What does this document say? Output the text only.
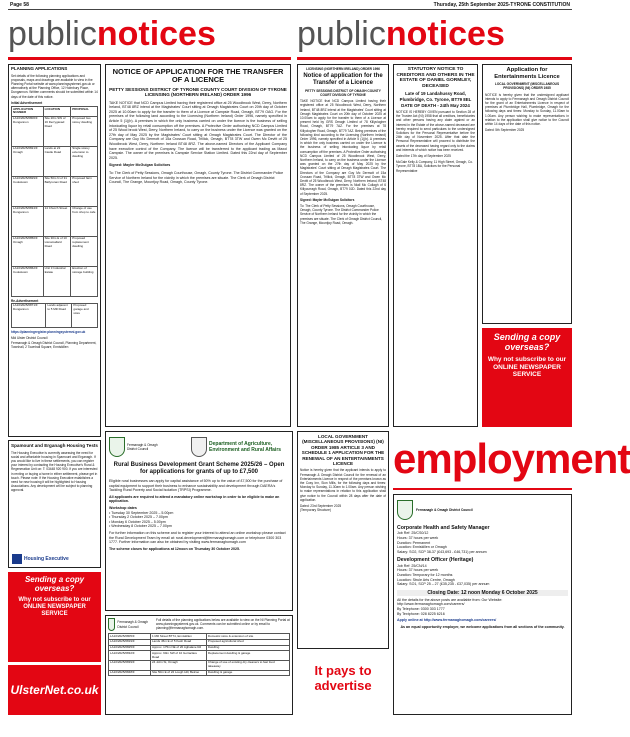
Page 58	Thursday, 25th September 2025-TYRONE CONSTITUTION
publicnotices publicnotices
PLANNING APPLICATIONS
Set details of the following planning applications and proposals, maps and drawings are available to view in the Planning Portal website at www.planningsystemni.gov.uk or alternatively at the Planning Office, 12 Holmbury Place, Dungannon. Written comments should be submitted within 14 days of the date of this notice.
Initial Advertisement
APPLICATION NUMBER	LOCATION	PROPOSAL
LA10/2025/0806/F Dungannon	Site 20m SW of 16 Derrygavad Road	Proposed two storey dwelling
LA10/2025/0821/F Omagh	Lands at 22 Castle Road	Single storey extension to dwelling
LA10/2025/0829/F Cookstown	Site 50m N of 31 Ballyronan Road	Proposed farm shed
LA10/2025/0834/F Dungannon	14 Church Street	Change of use from shop to cafe
LA10/2025/0850/F Omagh	Site 30m E of 10 Lisnamallard Road	Proposed replacement dwelling
LA10/2025/0862/F Cookstown	Unit 3 Industrial Estate	Erection of storage building
Re-Advertisement
LA10/2025/0871/F Dungannon	Lands adjacent to 5 Mill Road	Proposed garage and store
https://planningregister.planningsystemni.gov.uk
Mid Ulster District Council
Fermanagh & Omagh District Council, Planning Department, Townhall, 2 Townhall Square, Enniskillen
Spamount and Erganagh Housing Tests
The Housing Executive is currently assessing the need for social and affordable housing in Spamount and Erganagh. If you would like to live in these settlements, you can register your interest by contacting the Housing Executive's Rural & Regeneration Unit on: T: 03448 920 900. If you are interested in renting or buying a home in either settlement, please get in touch. Please note: If the Housing Executive establishes a need for new housing it will be highlighted to Housing Associations. Any development will be subject to planning approval.
Housing Executive
Sending a copy overseas?
Why not subscribe to our ONLINE NEWSPAPER SERVICE
UlsterNet.co.uk
NOTICE OF APPLICATION FOR THE TRANSFER OF A LICENCE
PETTY SESSIONS DISTRICT OF TYRONE COUNTY COURT DIVISION OF TYRONE LICENSING (NORTHERN IRELAND) ORDER 1996
TAKE NOTICE that NCD Campus Limited having their registered office at 25 Woodbrook West, Derry, Northern Ireland, BT48 8RZ intend at the Magistrates' Court sitting at Omagh Magistrates Court on 20th day of October 2025 at 10.00am to apply for the transfer to them of a Licence at Campsie Road, Omagh, BT79 OAG. For the premises of the following land according to the Licensing (Northern Ireland) Order 1996, namely specified in Article 5 (1)(b). A premises in which the only business carried on under the licence is the business of selling intoxicating liquor by retail consumption off the premises. A Protective Order authorising NCD Campus Limited of 25 Wood brook West, Derry, Northern Ireland, to carry on the business under the Licence was granted on the 27th day of May 2025 by the Magistrates' Court sitting at Omagh Magistrates Court. The Director of the Company are Guy Mc Dermott of 15a Crossan Road, Trillick, Omagh, BT78 3TW and Owen Mc Devitt of 25 Woodbrook West, Derry, Northern Ireland BT48 8RZ. The above-named Directors of the Applicant Company have executive control of the Company. The licence will be transferred to the applicant trading as Maxol Campsie. The owner of the premises is Campsie Service Station Limited. Dated this 22nd day of September 2025.
Signed: Mayler McGuigan Solicitors
To: The Clerk of Petty Sessions, Omagh Courthouse, Omagh, County Tyrone. The District Commander Police Service of Northern Ireland for the vicinity in which the premises are situate. The Clerk of Omagh District Council, The Grange, Mountjoy Road, Omagh, County Tyrone.
LICENSING (NORTHERN IRELAND) ORDER 1996
Notice of application for the Transfer of a Licence
PETTY SESSIONS DISTRICT OF OMAGH COUNTY COURT DIVISION OF TYRONE
TAKE NOTICE that NCD Campus Limited having their registered office at 25 Woodbrook West, Derry, Northern Ireland, BT48 8RZ intend at the Magistrates' Court sitting at Omagh Magistrates Court on 20th day of October 2025 at 10.00am to apply for the transfer to them of a Licence at present held by GRS Omagh Limited of 78 Killyclogher Road, Omagh, BT79 7AZ. For the premises at 78 Killyclogher Road, Omagh, BT79 7AZ. Being premises of the following kind according to the Licensing (Northern Ireland) Order 1996, namely specified in Article 5 (1)(b). A premises in which the only business carried on under the Licence is the business of selling intoxicating liquor by retail consumption off the premises. A Protective Order authorising NCD Campus Limited of 25 Woodbrook West, Derry, Northern Ireland, to carry on the business under the Licence was granted on the 27th day of May 2025 by the Magistrates' Court sitting at Omagh Magistrates Court. The Directors of the Company are Guy Mc Dermott of 15a Crossan Road, Trillick, Omagh, BT78 3TW and Owen Mc Devitt of 25 Woodbrook West, Derry, Northern Ireland, BT48 8RZ. The owner of the premises is Niall Mc Cullagh of 6 Killycurragh Road, Omagh, BT79 0JD. Dated this 22nd day of September 2025.
Signed: Mayler McGuigan Solicitors
To: The Clerk of Petty Sessions, Omagh Courthouse, Omagh, County Tyrone. The District Commander Police Service of Northern Ireland for the vicinity in which the premises are situate. The Clerk of Omagh District Council, The Grange, Mountjoy Road, Omagh.
STATUTORY NOTICE TO CREDITORS AND OTHERS IN THE ESTATE OF DANIEL GORMLEY, DECEASED
Late of 19 Landahussy Road, Plumbridge, Co. Tyrone, BT79 8EL
DATE OF DEATH - 24th May 2024
NOTICE IS HEREBY GIVEN pursuant to Section 28 of the Trustee Act (NI) 1958 that all creditors, beneficiaries and other persons having any claim against or an interest in the Estate of the above-named deceased are hereby required to send particulars to the undersigned Solicitors for the Personal Representative before the 24th day of November 2025. After that date the Personal Representative will proceed to distribute the assets of the deceased having regard only to the claims and interests of which notice has been received.
Dated the 17th day of September 2025
McGale Kelly & Company, 11 High Street, Omagh, Co. Tyrone, BT78 1BA, Solicitors for the Personal Representative
Application for Entertainments Licence
LOCAL GOVERNMENT (MISCELLANEOUS PROVISIONS) (NI) ORDER 1985
NOTICE is hereby given that the undersigned applicant intends to apply to Fermanagh and Omagh District Council for the grant of an Entertainments Licence in respect of premises at Plumbridge Hall, Plumbridge, Omagh for the following days and times: Monday to Sunday, 11.00am to 1.00am. Any person wishing to make representations in relation to the application shall give notice to the Council within 14 days of the date of this notice.
Dated: 5th September 2025
Sending a copy overseas?
Why not subscribe to our ONLINE NEWSPAPER SERVICE
Fermanagh & Omagh District Council
Department of Agriculture, Environment and Rural Affairs
Rural Business Development Grant Scheme 2025/26 – Open for applications for grants of up to £7,500
Eligible rural businesses can apply for capital assistance of 50% up to the value of £7,500 for the purchase of capital equipment to support their business to enhance sustainability and development through DAERA's Tackling Rural Poverty and Social Isolation (TRPSI) Programme.
All applicants are required to attend a mandatory online workshop in order to be eligible to make an application.
Workshop dates
• Tuesday 30 September 2025 – 5.00pm
• Thursday 2 October 2025 – 7.00pm
• Monday 6 October 2025 – 5.00pm
• Wednesday 8 October 2025 – 7.00pm
For further information on this scheme and to register your interest to attend an online workshop please contact the Rural Development Team by email at: rural.development@fermanaghomagh.com or telephone 0300 303 1777. Further information can also be obtained by visiting www.fermanaghomagh.com
The scheme closes for applications at 12noon on Thursday 30 October 2025.
Fermanagh & Omagh District Council
Full details of the planning applications below are available to view on the NI Planning Portal at www.planningsystemni.gov.uk. Comments can be submitted online or by email to planning@fermanaghomagh.com.
LA10/2025/0805/F	1 Mill Street BT74, Enniskillen	Domestic store & extension of site
LA10/2025/0819/F	Lands 45m E of 5 Kesh Road	Proposed agricultural shed
LA10/2025/0825/F	Approx. 175m NE of 20 Aghalane Rd	Dwelling
LA10/2025/0832/F	Approx. 90m SW of 10 Gortaclare Road	Replacement dwelling & garage
LA10/2025/0839/F	24 John St, Omagh	Change of use of existing dry cleaners to fast food takeaway
LA10/2025/0848/F	Site 50m E of 22 Lough Hill, Belcoo	Dwelling & garage
LOCAL GOVERNMENT (MISCELLANEOUS PROVISIONS) (NI) ORDER 1985 ARTICLE 3 AND SCHEDULE 1 APPLICATION FOR THE RENEWAL OF AN ENTERTAINMENTS LICENCE
Notice is hereby given that the applicant intends to apply to Fermanagh & Omagh District Council for the renewal of an Entertainments Licence in respect of the premises known as the Cosy Inn, Sion Mills, for the following days and times: Monday to Sunday, 11.30am to 1.00am. Any person wishing to make representations in relation to this application shall give notice to the Council within 28 days after the date of application.
Dated: 23rd September 2025
(Temporary Structure)
It pays to
advertise
employment
Fermanagh & Omagh District Council
Corporate Health and Safety Manager
Job Ref: 25/CS0/12
Hours: 37 hours per week
Duration: Permanent
Location: Enniskillen or Omagh
Salary: SO2, SCP 38-37 (£43,693 - £46,731) per annum
Development Officer (Heritage)
Job Ref: 25/CN/14
Hours: 37 hours per week
Duration: Temporary for 12 months
Location: Strule Arts Centre, Omagh
Salary: SO1, SCP 25 – 27 (£35,235 - £37,035) per annum
Closing Date: 12 noon Monday 6 October 2025
All the details for the above posts are available from: Our Website: http://www.fermanaghomagh.com/careers/
By Telephone: 0300 303 1777
By Textphone: 028 8225 6216
Apply online at http://www.fermanaghomagh.com/careers/
As an equal opportunity employer, we welcome applications from all sections of the community.
